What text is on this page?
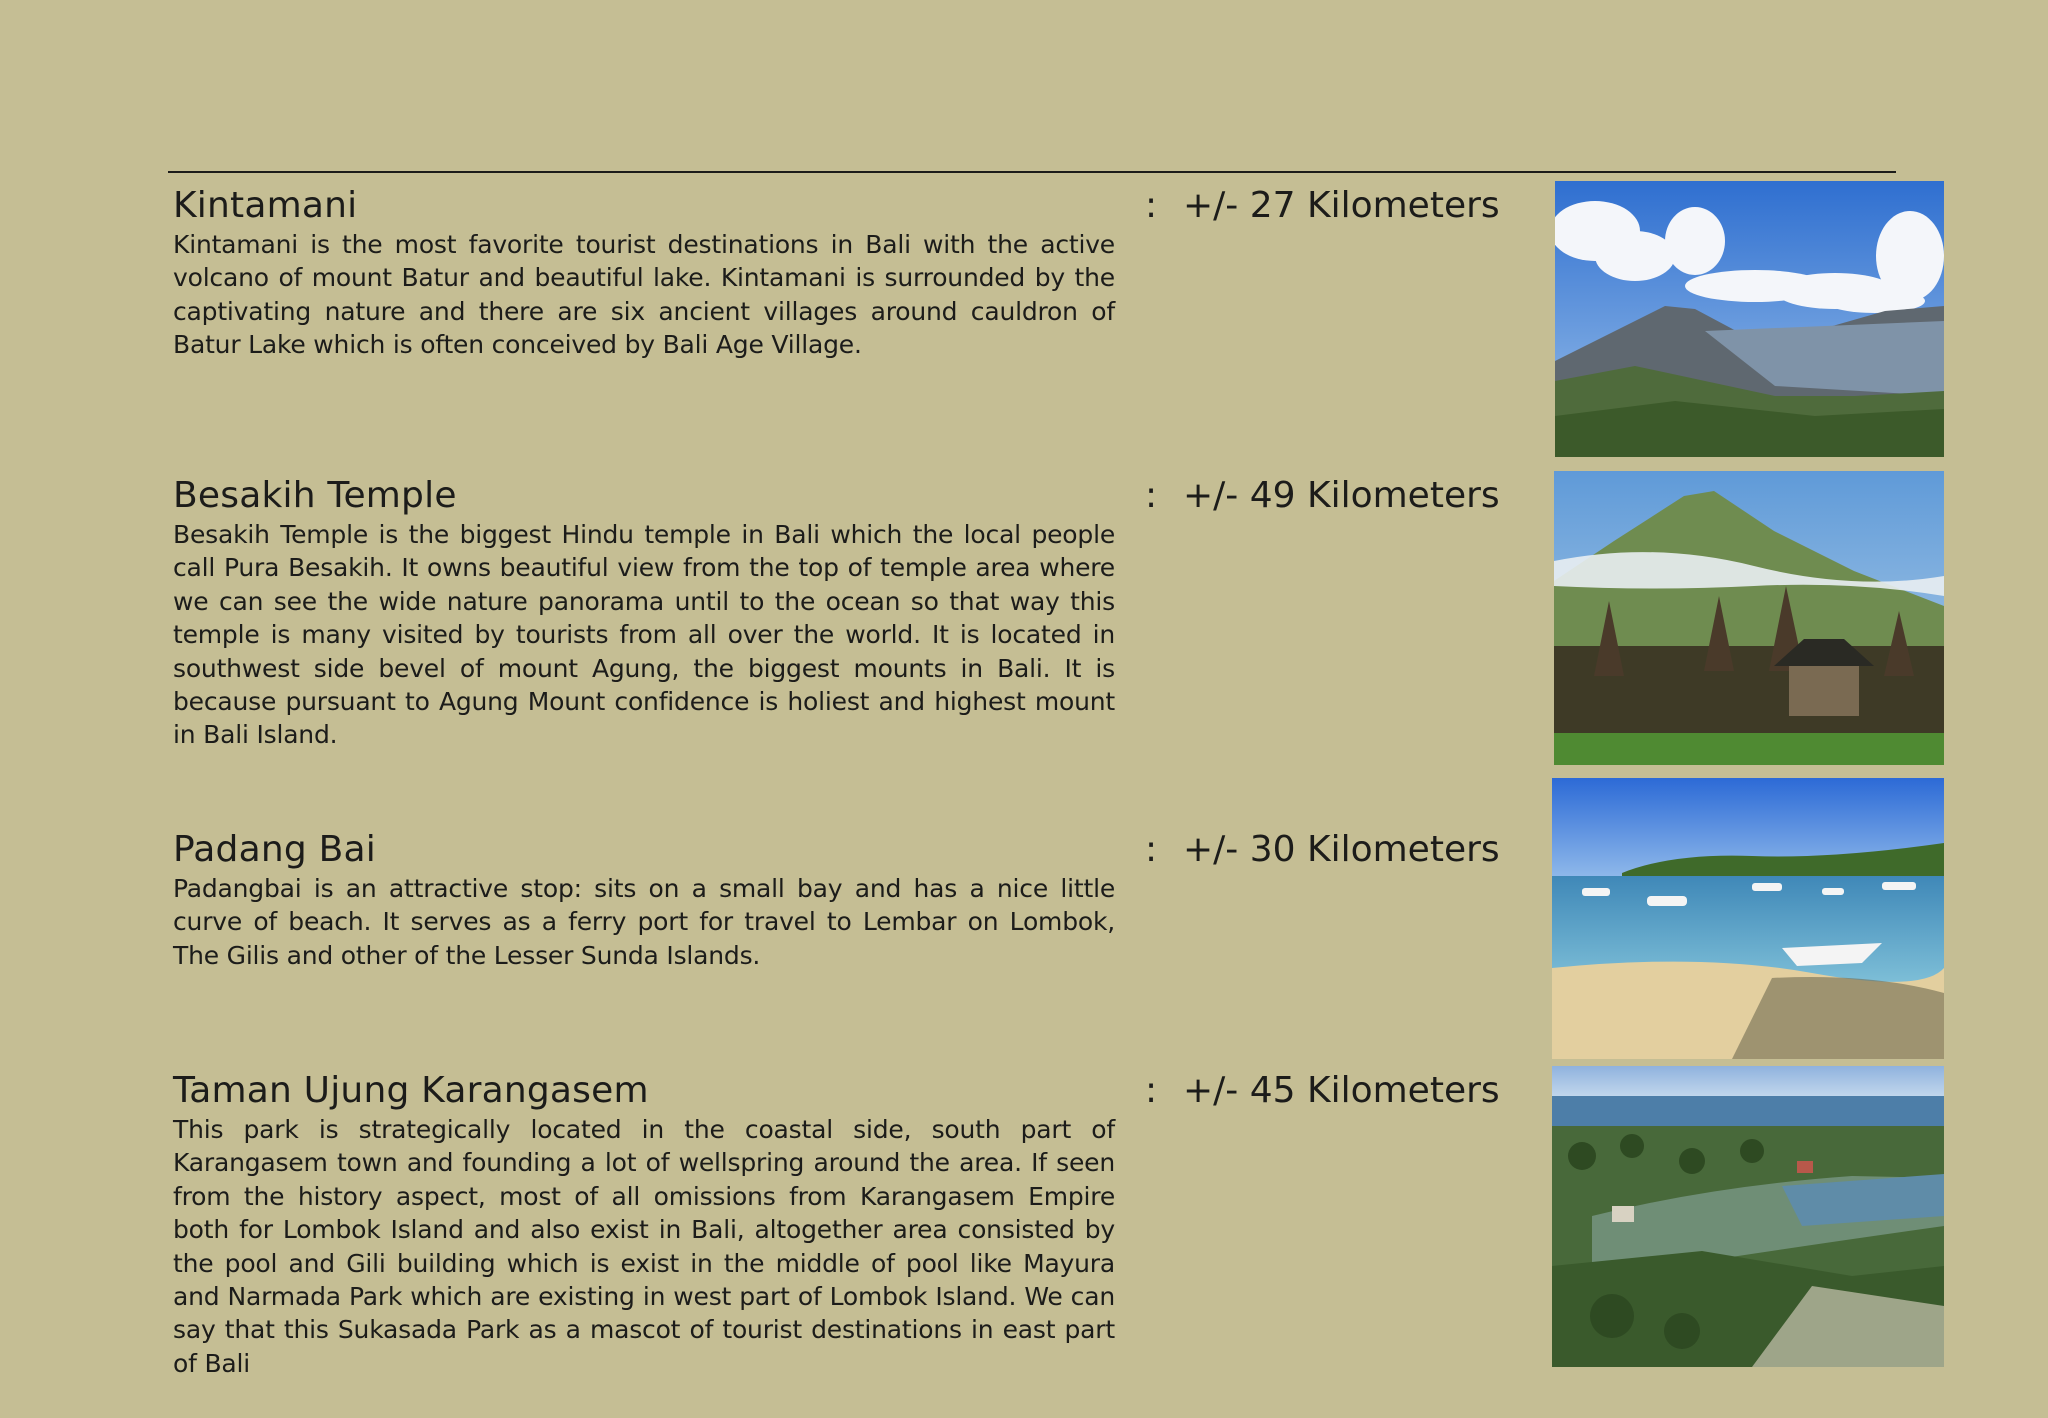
Kintamani

Kintamani is the most favorite tourist destinations in Bali with the active volcano of mount Batur and beautiful lake. Kintamani is surrounded by the captivating nature and there are six ancient villages around cauldron of Batur Lake which is often conceived by Bali Age Village.

: +/- 27 Kilometers
Besakih Temple

Besakih Temple is the biggest Hindu temple in Bali which the local people call Pura Besakih. It owns beautiful view from the top of temple area where we can see the wide nature panorama until to the ocean so that way this temple is many visited by tourists from all over the world. It is located in southwest side bevel of mount Agung, the biggest mounts in Bali. It is because pursuant to Agung Mount confidence is holiest and highest mount in Bali Island.

: +/- 49 Kilometers
Padang Bai

Padangbai is an attractive stop: sits on a small bay and has a nice little curve of beach. It serves as a ferry port for travel to Lembar on Lombok, The Gilis and other of the Lesser Sunda Islands.

: +/- 30 Kilometers
Taman Ujung Karangasem

This park is strategically located in the coastal side, south part of Karangasem town and founding a lot of wellspring around the area. If seen from the history aspect, most of all omissions from Karangasem Empire both for Lombok Island and also exist in Bali, altogether area consisted by the pool and Gili building which is exist in the middle of pool like Mayura and Narmada Park which are existing in west part of Lombok Island. We can say that this Sukasada Park as a mascot of tourist destinations in east part of Bali

: +/- 45 Kilometers
